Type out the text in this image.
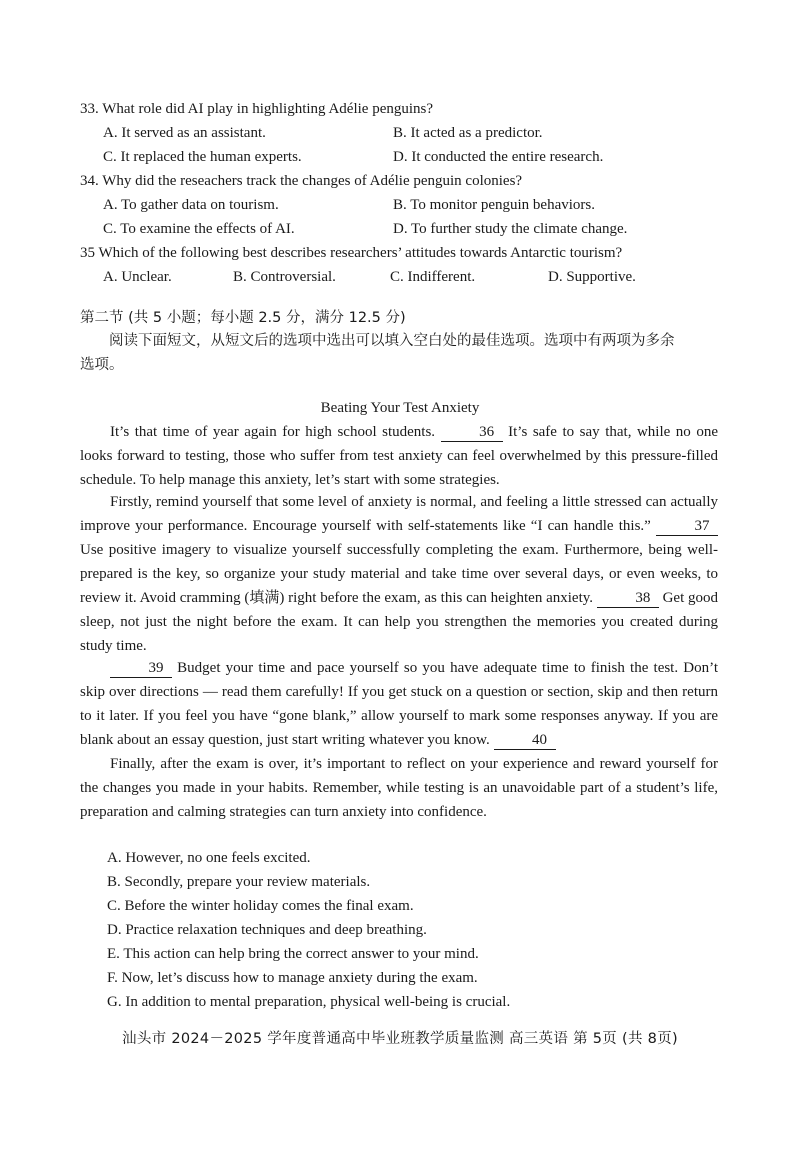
33. What role did AI play in highlighting Adélie penguins?
A. It served as an assistant.	B. It acted as a predictor.
C. It replaced the human experts.	D. It conducted the entire research.
34. Why did the reseachers track the changes of Adélie penguin colonies?
A. To gather data on tourism.	B. To monitor penguin behaviors.
C. To examine the effects of AI.	D. To further study the climate change.
35 Which of the following best describes researchers’ attitudes towards Antarctic tourism?
A. Unclear.	B. Controversial.	C. Indifferent.	D. Supportive.
第二节 (共 5 小题；每小题 2.5 分，满分 12.5 分)
阅读下面短文，从短文后的选项中选出可以填入空白处的最佳选项。选项中有两项为多余
选项。
Beating Your Test Anxiety
It’s that time of year again for high school students.	36 It’s safe to say that, while no one looks forward to testing, those who suffer from test anxiety can feel overwhelmed by this pressure-filled schedule. To help manage this anxiety, let’s start with some strategies.
Firstly, remind yourself that some level of anxiety is normal, and feeling a little stressed can actually improve your performance. Encourage yourself with self-statements like “I can handle this.”	37 Use positive imagery to visualize yourself successfully completing the exam. Furthermore, being well-prepared is the key, so organize your study material and take time over several days, or even weeks, to review it. Avoid cramming (填满) right before the exam, as this can heighten anxiety.	38 Get good sleep, not just the night before the exam. It can help you strengthen the memories you created during study time.
39 Budget your time and pace yourself so you have adequate time to finish the test. Don’t skip over directions — read them carefully! If you get stuck on a question or section, skip and then return to it later. If you feel you have “gone blank,” allow yourself to mark some responses anyway. If you are blank about an essay question, just start writing whatever you know.	40
Finally, after the exam is over, it’s important to reflect on your experience and reward yourself for the changes you made in your habits. Remember, while testing is an unavoidable part of a student’s life, preparation and calming strategies can turn anxiety into confidence.
A. However, no one feels excited.
B. Secondly, prepare your review materials.
C. Before the winter holiday comes the final exam.
D. Practice relaxation techniques and deep breathing.
E. This action can help bring the correct answer to your mind.
F. Now, let’s discuss how to manage anxiety during the exam.
G. In addition to mental preparation, physical well-being is crucial.
汕头市 2024－2025 学年度普通高中毕业班教学质量监测 高三英语 第 5页 (共 8页)
